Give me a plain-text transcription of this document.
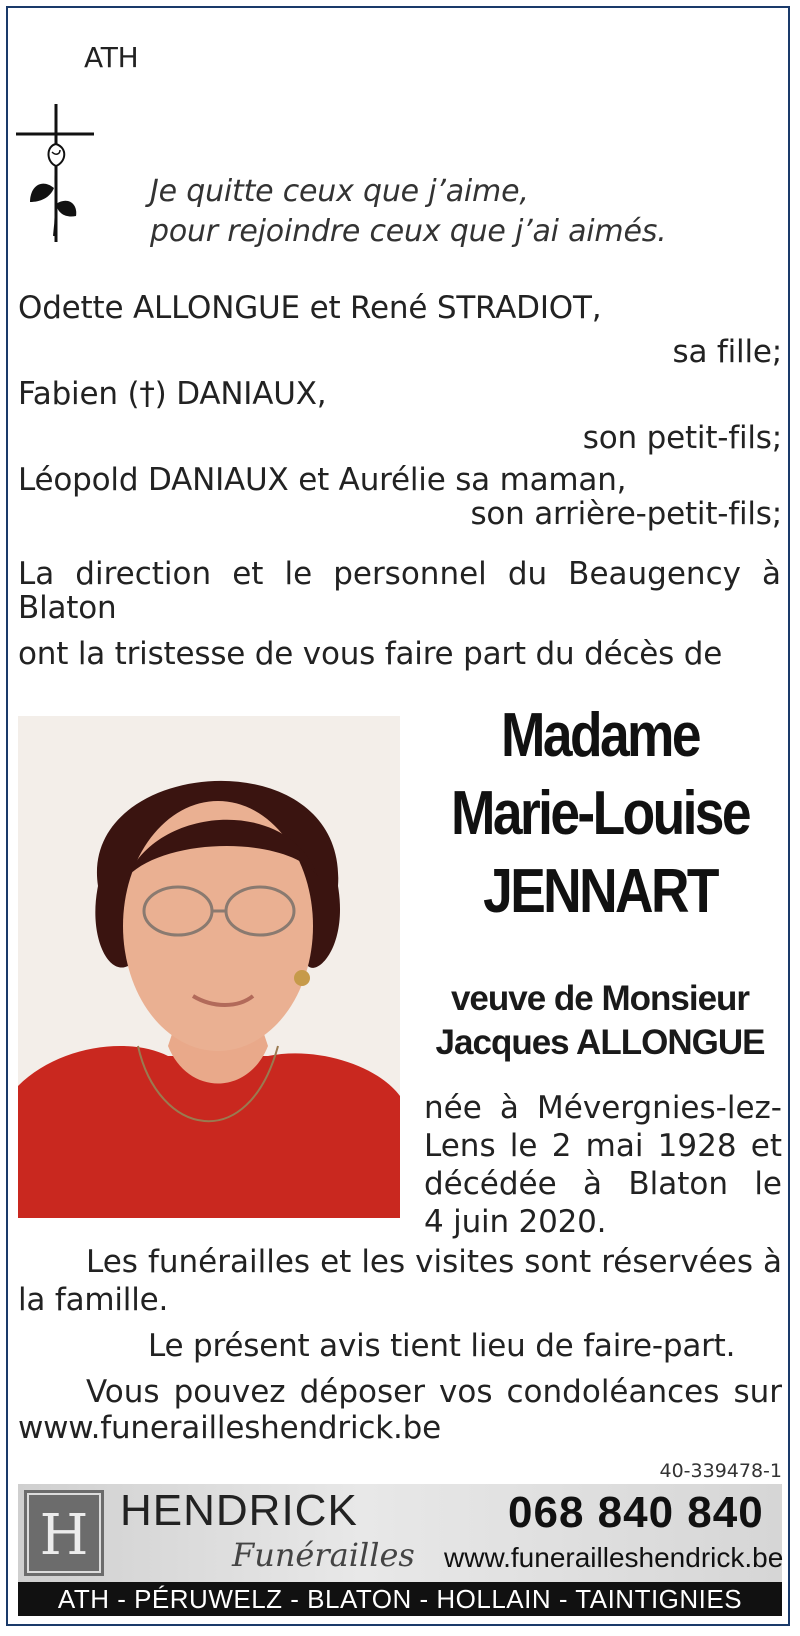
ATH
Je quitte ceux que j’aime,
pour rejoindre ceux que j’ai aimés.
Odette ALLONGUE et René STRADIOT,
sa fille;
Fabien (†) DANIAUX,
son petit-fils;
Léopold DANIAUX et Aurélie sa maman,
son arrière-petit-fils;
La direction et le personnel du Beaugency à
Blaton
ont la tristesse de vous faire part du décès de
Madame
Marie-Louise
JENNART
veuve de Monsieur
Jacques ALLONGUE
née à Mévergnies-lez-
Lens le 2 mai 1928 et
décédée à Blaton le
4 juin 2020.
Les funérailles et les visites sont réservées à
la famille.
Le présent avis tient lieu de faire-part.
Vous pouvez déposer vos condoléances sur
www.funerailleshendrick.be
40-339478-1
H HENDRICK
Funérailles
068 840 840
www.funerailleshendrick.be
ATH - PÉRUWELZ - BLATON - HOLLAIN - TAINTIGNIES
